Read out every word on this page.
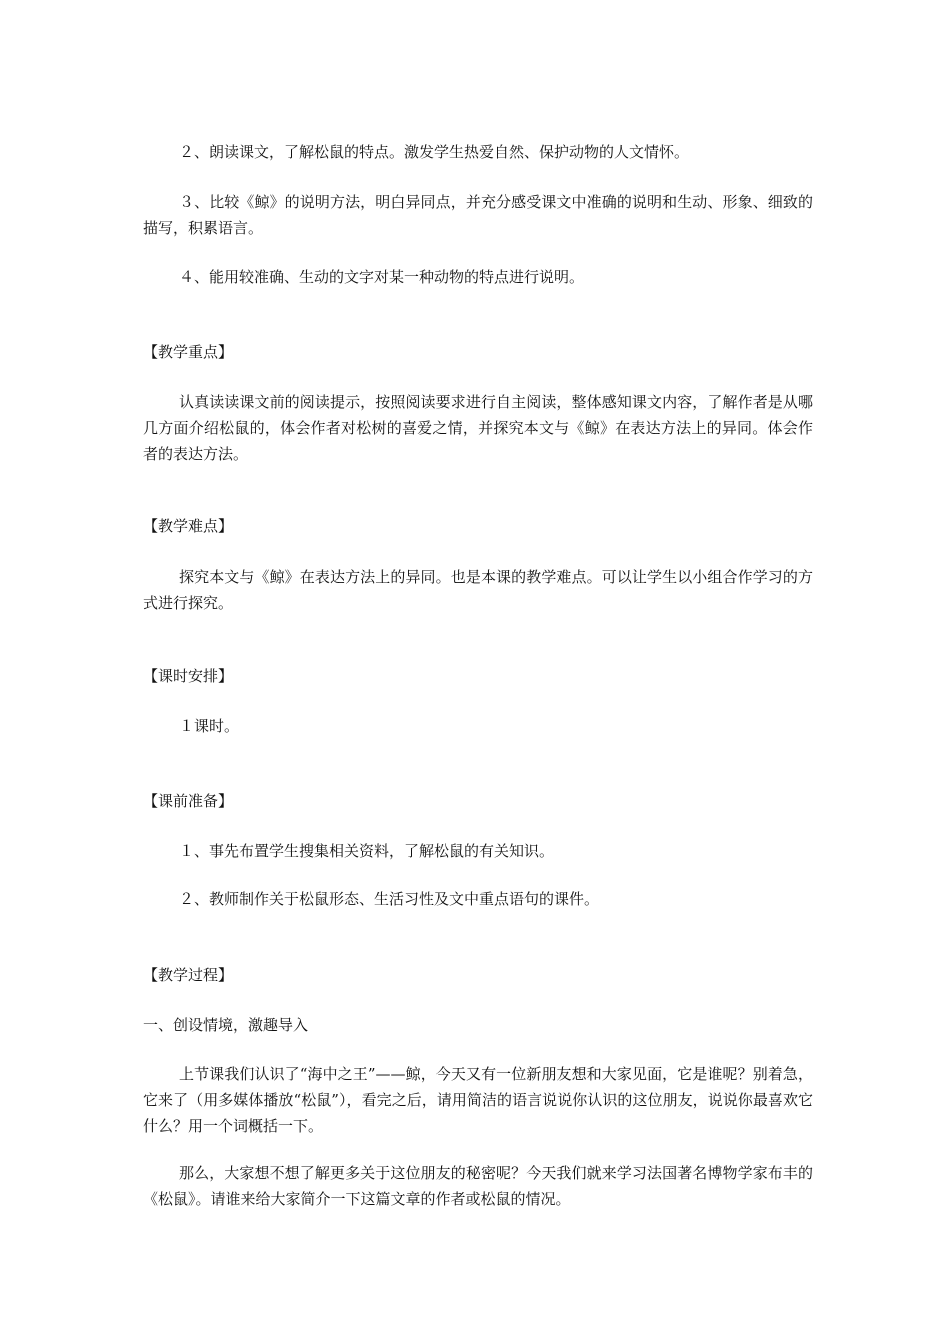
２、朗读课文，了解松鼠的特点。激发学生热爱自然、保护动物的人文情怀。

３、比较《鲸》的说明方法，明白异同点，并充分感受课文中准确的说明和生动、形象、细致的描写，积累语言。

４、能用较准确、生动的文字对某一种动物的特点进行说明。

【教学重点】

认真读读课文前的阅读提示，按照阅读要求进行自主阅读，整体感知课文内容，了解作者是从哪几方面介绍松鼠的，体会作者对松树的喜爱之情，并探究本文与《鲸》在表达方法上的异同。体会作者的表达方法。

【教学难点】

探究本文与《鲸》在表达方法上的异同。也是本课的教学难点。可以让学生以小组合作学习的方式进行探究。

【课时安排】

１课时。

【课前准备】

１、事先布置学生搜集相关资料，了解松鼠的有关知识。

２、教师制作关于松鼠形态、生活习性及文中重点语句的课件。

【教学过程】

一、创设情境，激趣导入

上节课我们认识了“海中之王”——鲸，今天又有一位新朋友想和大家见面，它是谁呢？别着急，它来了（用多媒体播放“松鼠”），看完之后，请用简洁的语言说说你认识的这位朋友，说说你最喜欢它什么？用一个词概括一下。

那么，大家想不想了解更多关于这位朋友的秘密呢？今天我们就来学习法国著名博物学家布丰的《松鼠》。请谁来给大家简介一下这篇文章的作者或松鼠的情况。
